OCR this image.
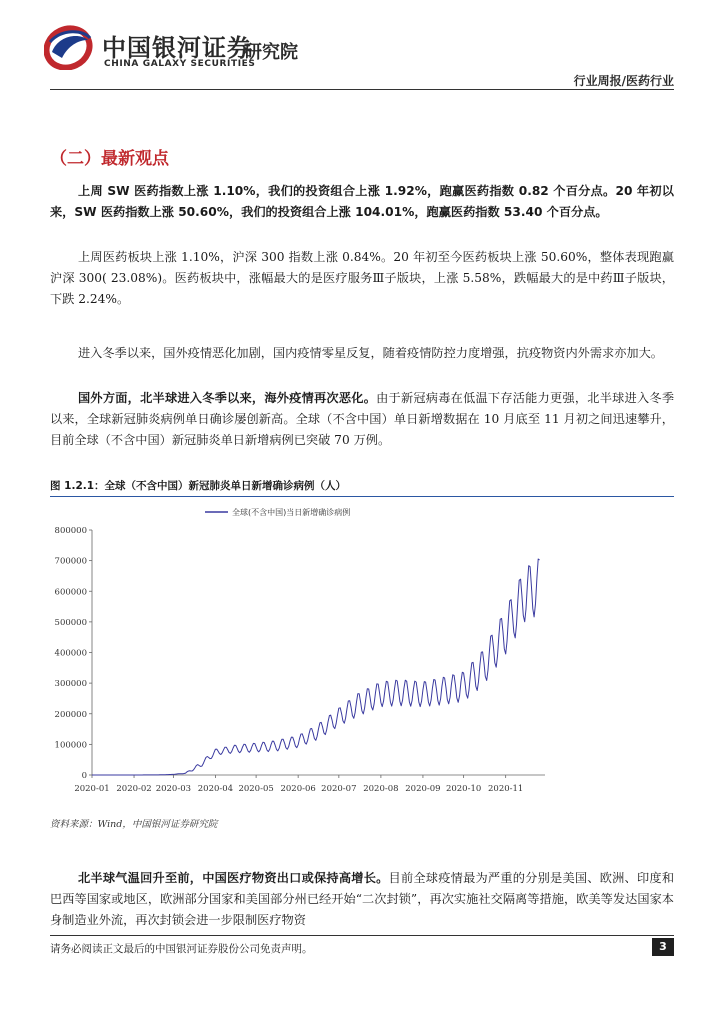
中国银河证券
CHINA GALAXY SECURITIES
研究院
行业周报/医药行业
（二）最新观点

上周 SW 医药指数上涨 1.10%，我们的投资组合上涨 1.92%，跑赢医药指数 0.82 个百分点。20 年初以来，SW 医药指数上涨 50.60%，我们的投资组合上涨 104.01%，跑赢医药指数 53.40 个百分点。

上周医药板块上涨 1.10%，沪深 300 指数上涨 0.84%。20 年初至今医药板块上涨 50.60%，整体表现跑赢沪深 300( 23.08%)。医药板块中，涨幅最大的是医疗服务Ⅲ子版块，上涨 5.58%，跌幅最大的是中药Ⅲ子版块，下跌 2.24%。

进入冬季以来，国外疫情恶化加剧，国内疫情零星反复，随着疫情防控力度增强，抗疫物资内外需求亦加大。

国外方面，北半球进入冬季以来，海外疫情再次恶化。由于新冠病毒在低温下存活能力更强，北半球进入冬季以来，全球新冠肺炎病例单日确诊屡创新高。全球（不含中国）单日新增数据在 10 月底至 11 月初之间迅速攀升，目前全球（不含中国）新冠肺炎单日新增病例已突破 70 万例。

图 1.2.1：全球（不含中国）新冠肺炎单日新增确诊病例（人）
0
100000
200000
300000
400000
500000
600000
700000
800000
2020-01 2020-02 2020-03 2020-04 2020-05 2020-06 2020-07 2020-08 2020-09 2020-10 2020-11
全球(不含中国)当日新增确诊病例
资料来源：Wind，中国银河证券研究院

北半球气温回升至前，中国医疗物资出口或保持高增长。目前全球疫情最为严重的分别是美国、欧洲、印度和巴西等国家或地区，欧洲部分国家和美国部分州已经开始“二次封锁”，再次实施社交隔离等措施，欧美等发达国家本身制造业外流，再次封锁会进一步限制医疗物资

请务必阅读正文最后的中国银河证券股份公司免责声明。	3
